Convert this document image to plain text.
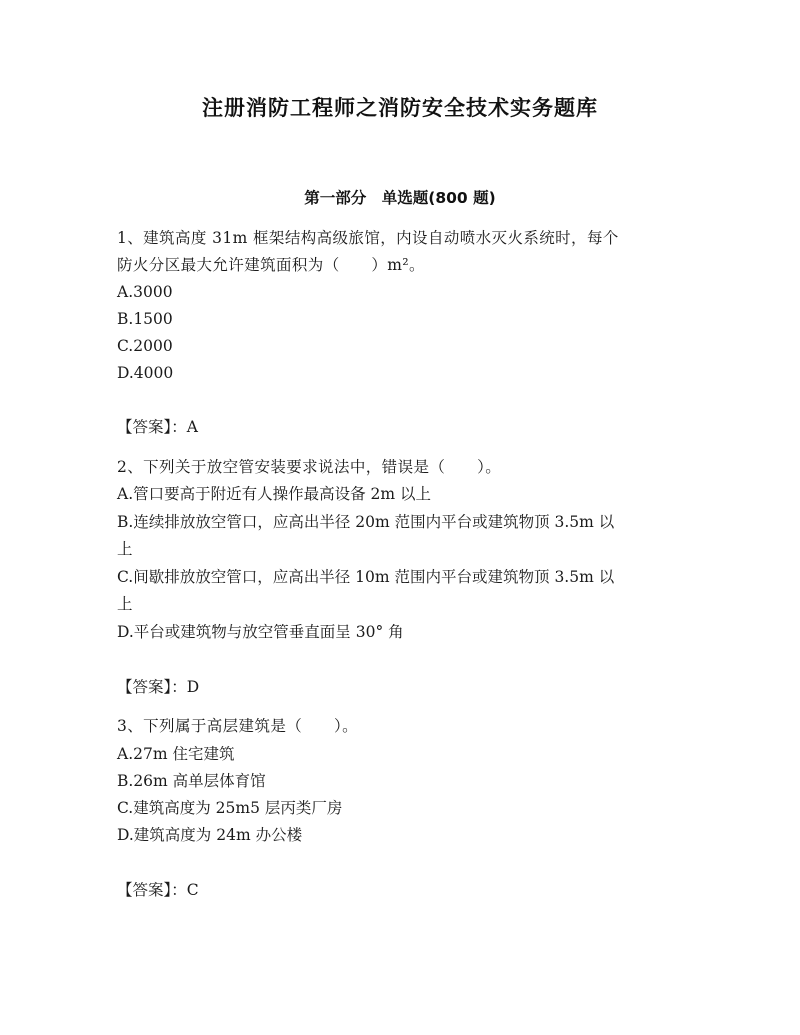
注册消防工程师之消防安全技术实务题库
第一部分　单选题(800 题)
1、建筑高度 31m 框架结构高级旅馆，内设自动喷水灭火系统时，每个
防火分区最大允许建筑面积为（　　）m²。
A.3000
B.1500
C.2000
D.4000
【答案】：A
2、下列关于放空管安装要求说法中，错误是（　　）。
A.管口要高于附近有人操作最高设备 2m 以上
B.连续排放放空管口，应高出半径 20m 范围内平台或建筑物顶 3.5m 以
上
C.间歇排放放空管口，应高出半径 10m 范围内平台或建筑物顶 3.5m 以
上
D.平台或建筑物与放空管垂直面呈 30° 角
【答案】：D
3、下列属于高层建筑是（　　）。
A.27m 住宅建筑
B.26m 高单层体育馆
C.建筑高度为 25m5 层丙类厂房
D.建筑高度为 24m 办公楼
【答案】：C
